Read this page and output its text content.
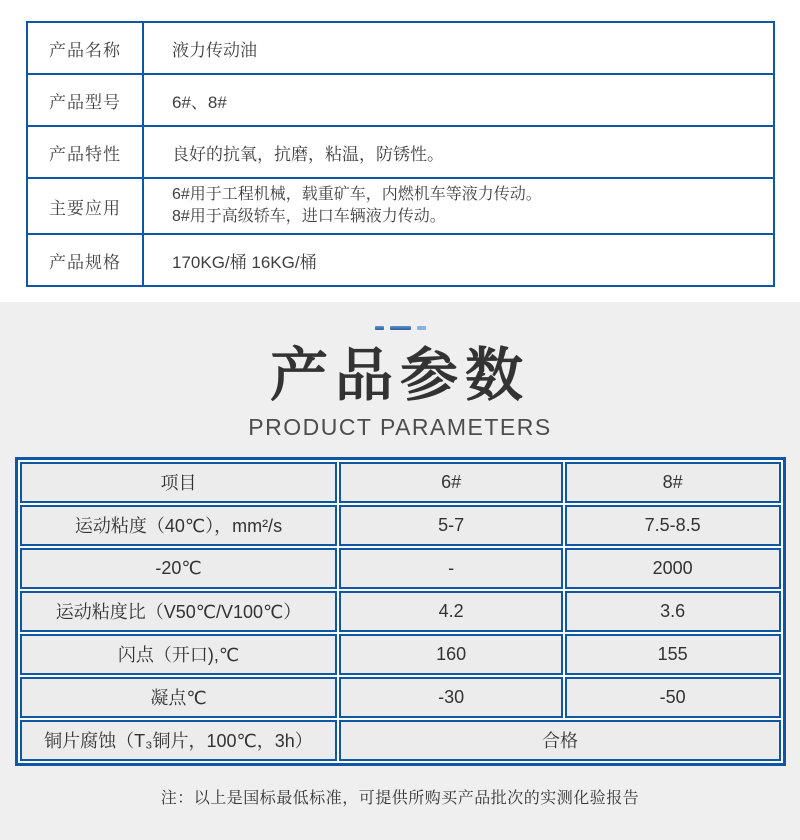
产品名称	液力传动油
产品型号	6#、8#
产品特性	良好的抗氧，抗磨，粘温，防锈性。
主要应用	6#用于工程机械，载重矿车，内燃机车等液力传动。
8#用于高级轿车，进口车辆液力传动。

产品规格	170KG/桶 16KG/桶
产品参数
PRODUCT PARAMETERS
项目	6#	8#
运动粘度（40℃），mm²/s	5-7	7.5-8.5
-20℃	-	2000
运动粘度比（V50℃/V100℃）	4.2	3.6
闪点（开口),℃	160	155
凝点℃	-30	-50
铜片腐蚀（T₃铜片，100℃，3h）	合格	
注：以上是国标最低标准，可提供所购买产品批次的实测化验报告
